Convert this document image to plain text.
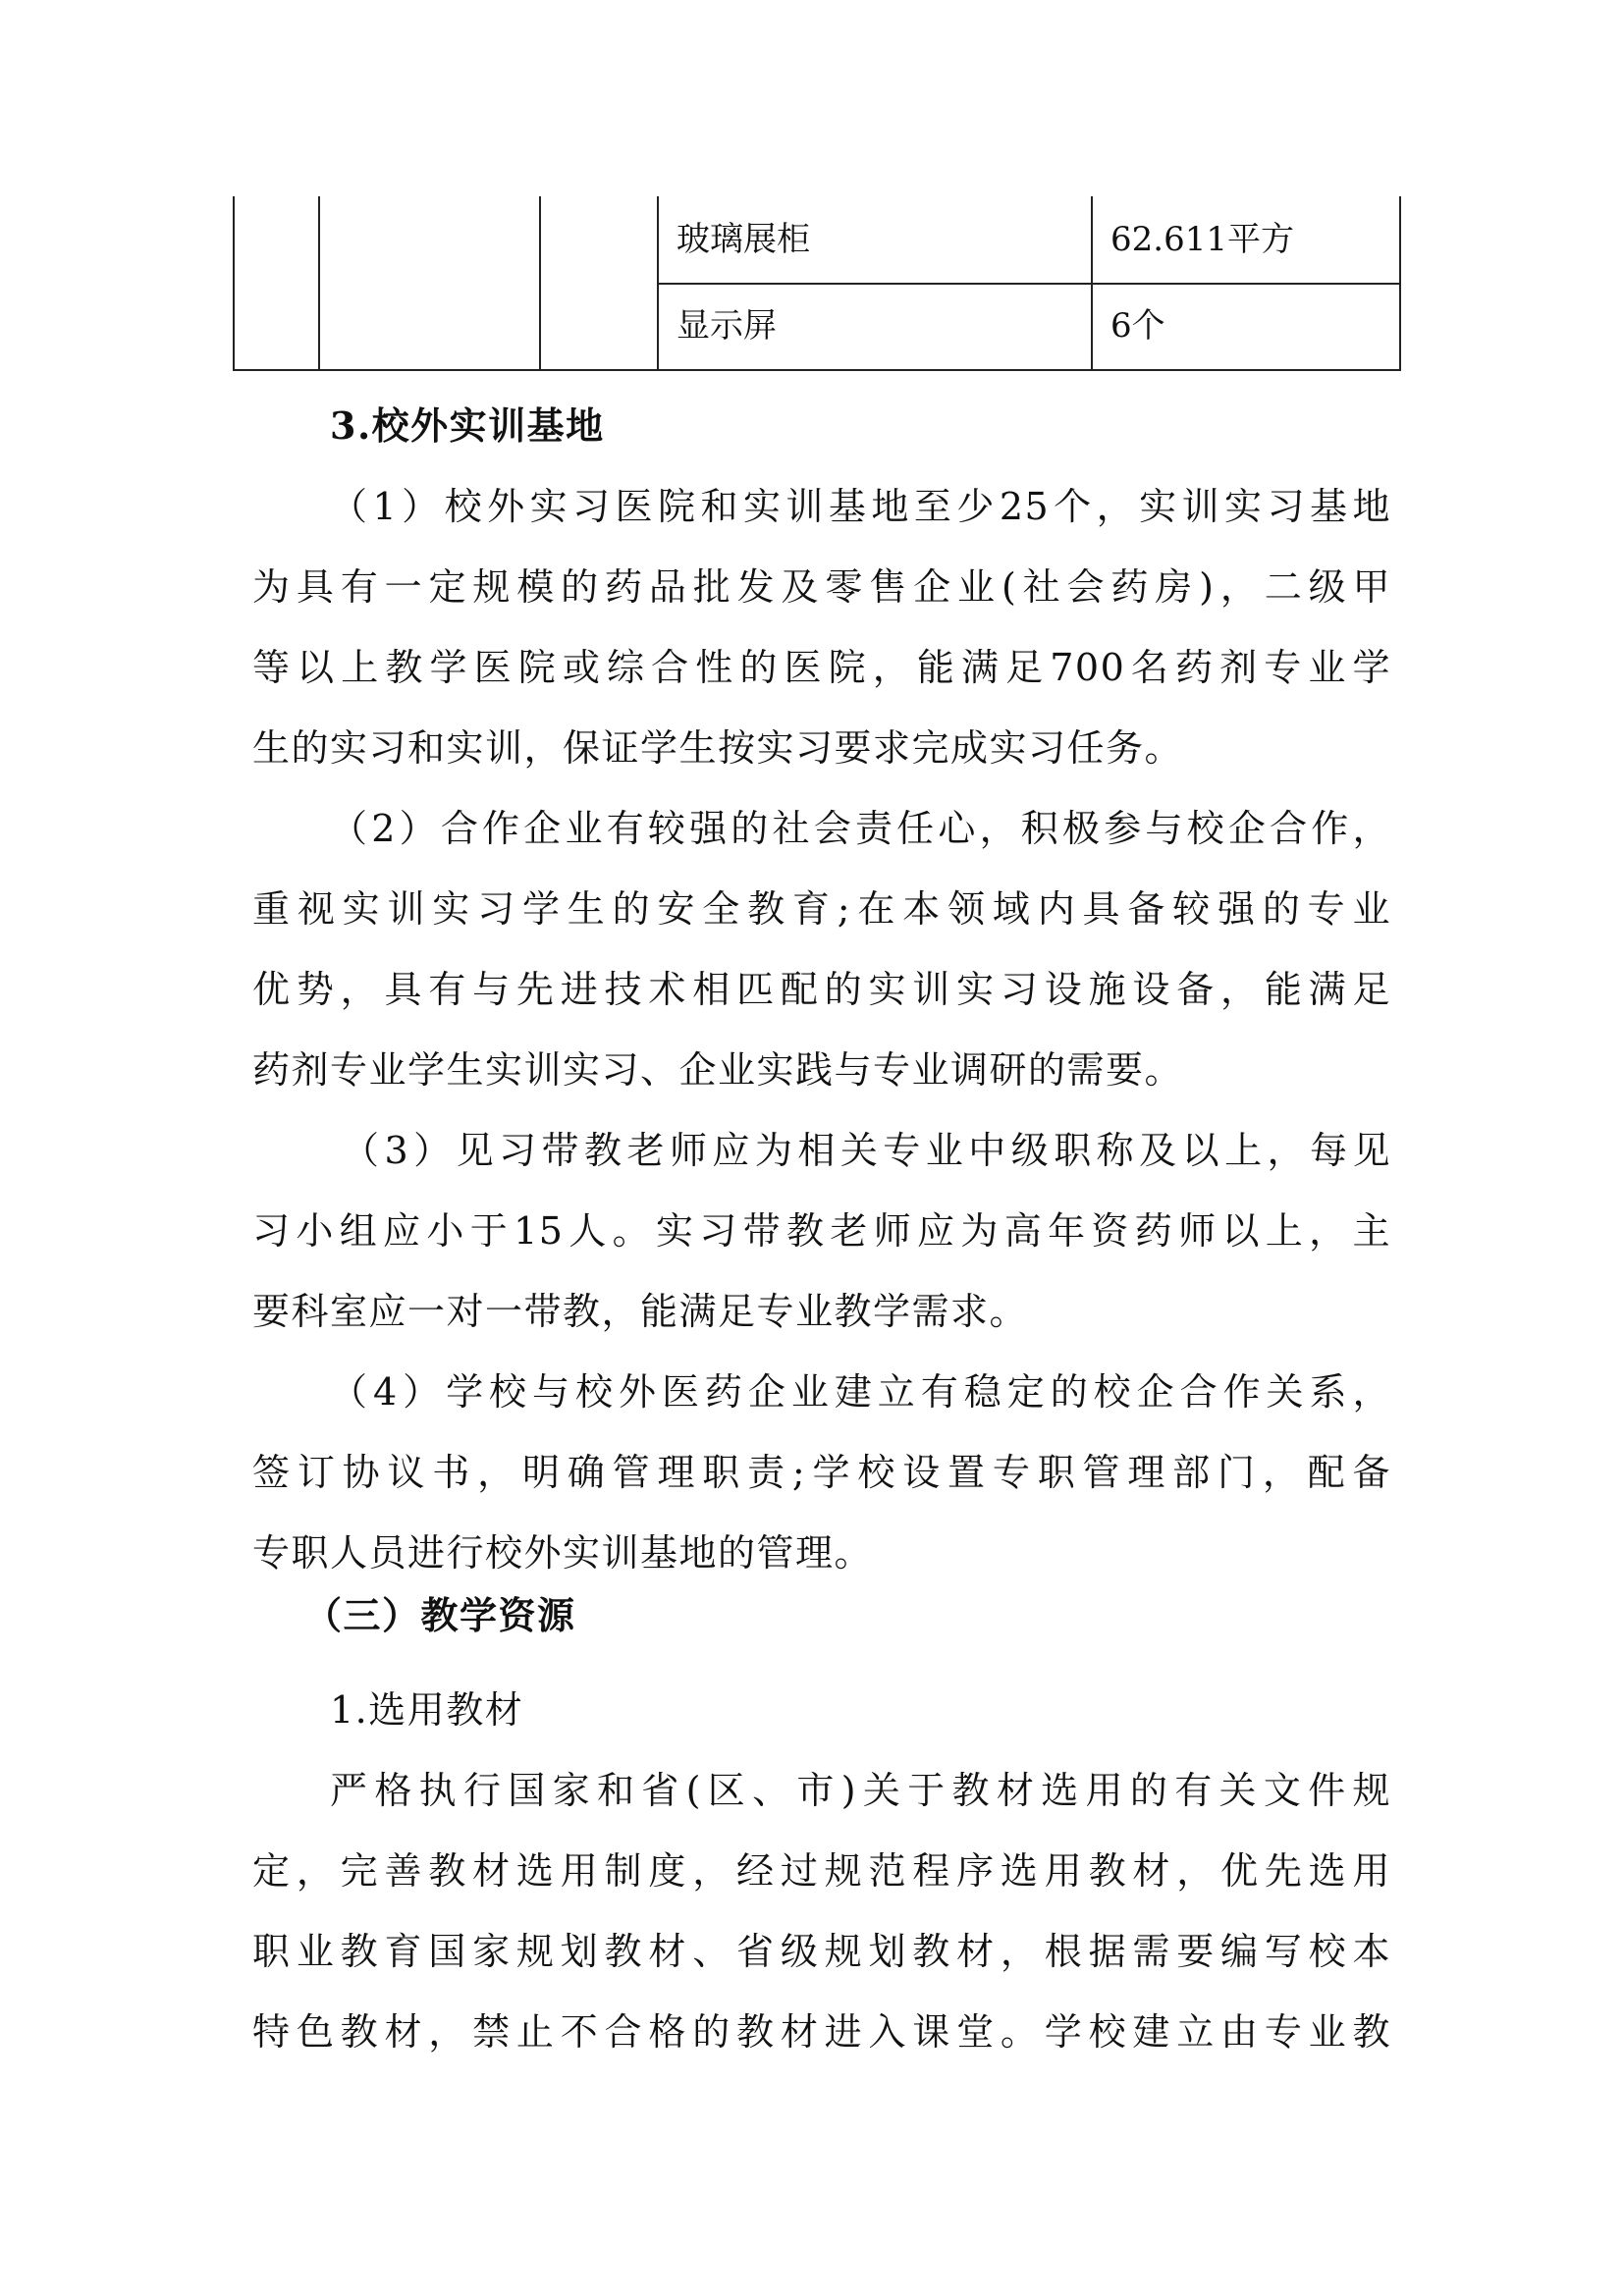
玻璃展柜	62.611平方
显示屏	6个
3.校外实训基地
（1）校外实习医院和实训基地至少25个，实训实习基地
为具有一定规模的药品批发及零售企业(社会药房)，二级甲
等以上教学医院或综合性的医院，能满足700名药剂专业学
生的实习和实训，保证学生按实习要求完成实习任务。
（2）合作企业有较强的社会责任心，积极参与校企合作，
重视实训实习学生的安全教育;在本领域内具备较强的专业
优势，具有与先进技术相匹配的实训实习设施设备，能满足
药剂专业学生实训实习、企业实践与专业调研的需要。
（3）见习带教老师应为相关专业中级职称及以上，每见
习小组应小于15人。实习带教老师应为高年资药师以上，主
要科室应一对一带教，能满足专业教学需求。
（4）学校与校外医药企业建立有稳定的校企合作关系，
签订协议书，明确管理职责;学校设置专职管理部门，配备
专职人员进行校外实训基地的管理。
（三）教学资源
1.选用教材
严格执行国家和省(区、市)关于教材选用的有关文件规
定，完善教材选用制度，经过规范程序选用教材，优先选用
职业教育国家规划教材、省级规划教材，根据需要编写校本
特色教材，禁止不合格的教材进入课堂。学校建立由专业教
